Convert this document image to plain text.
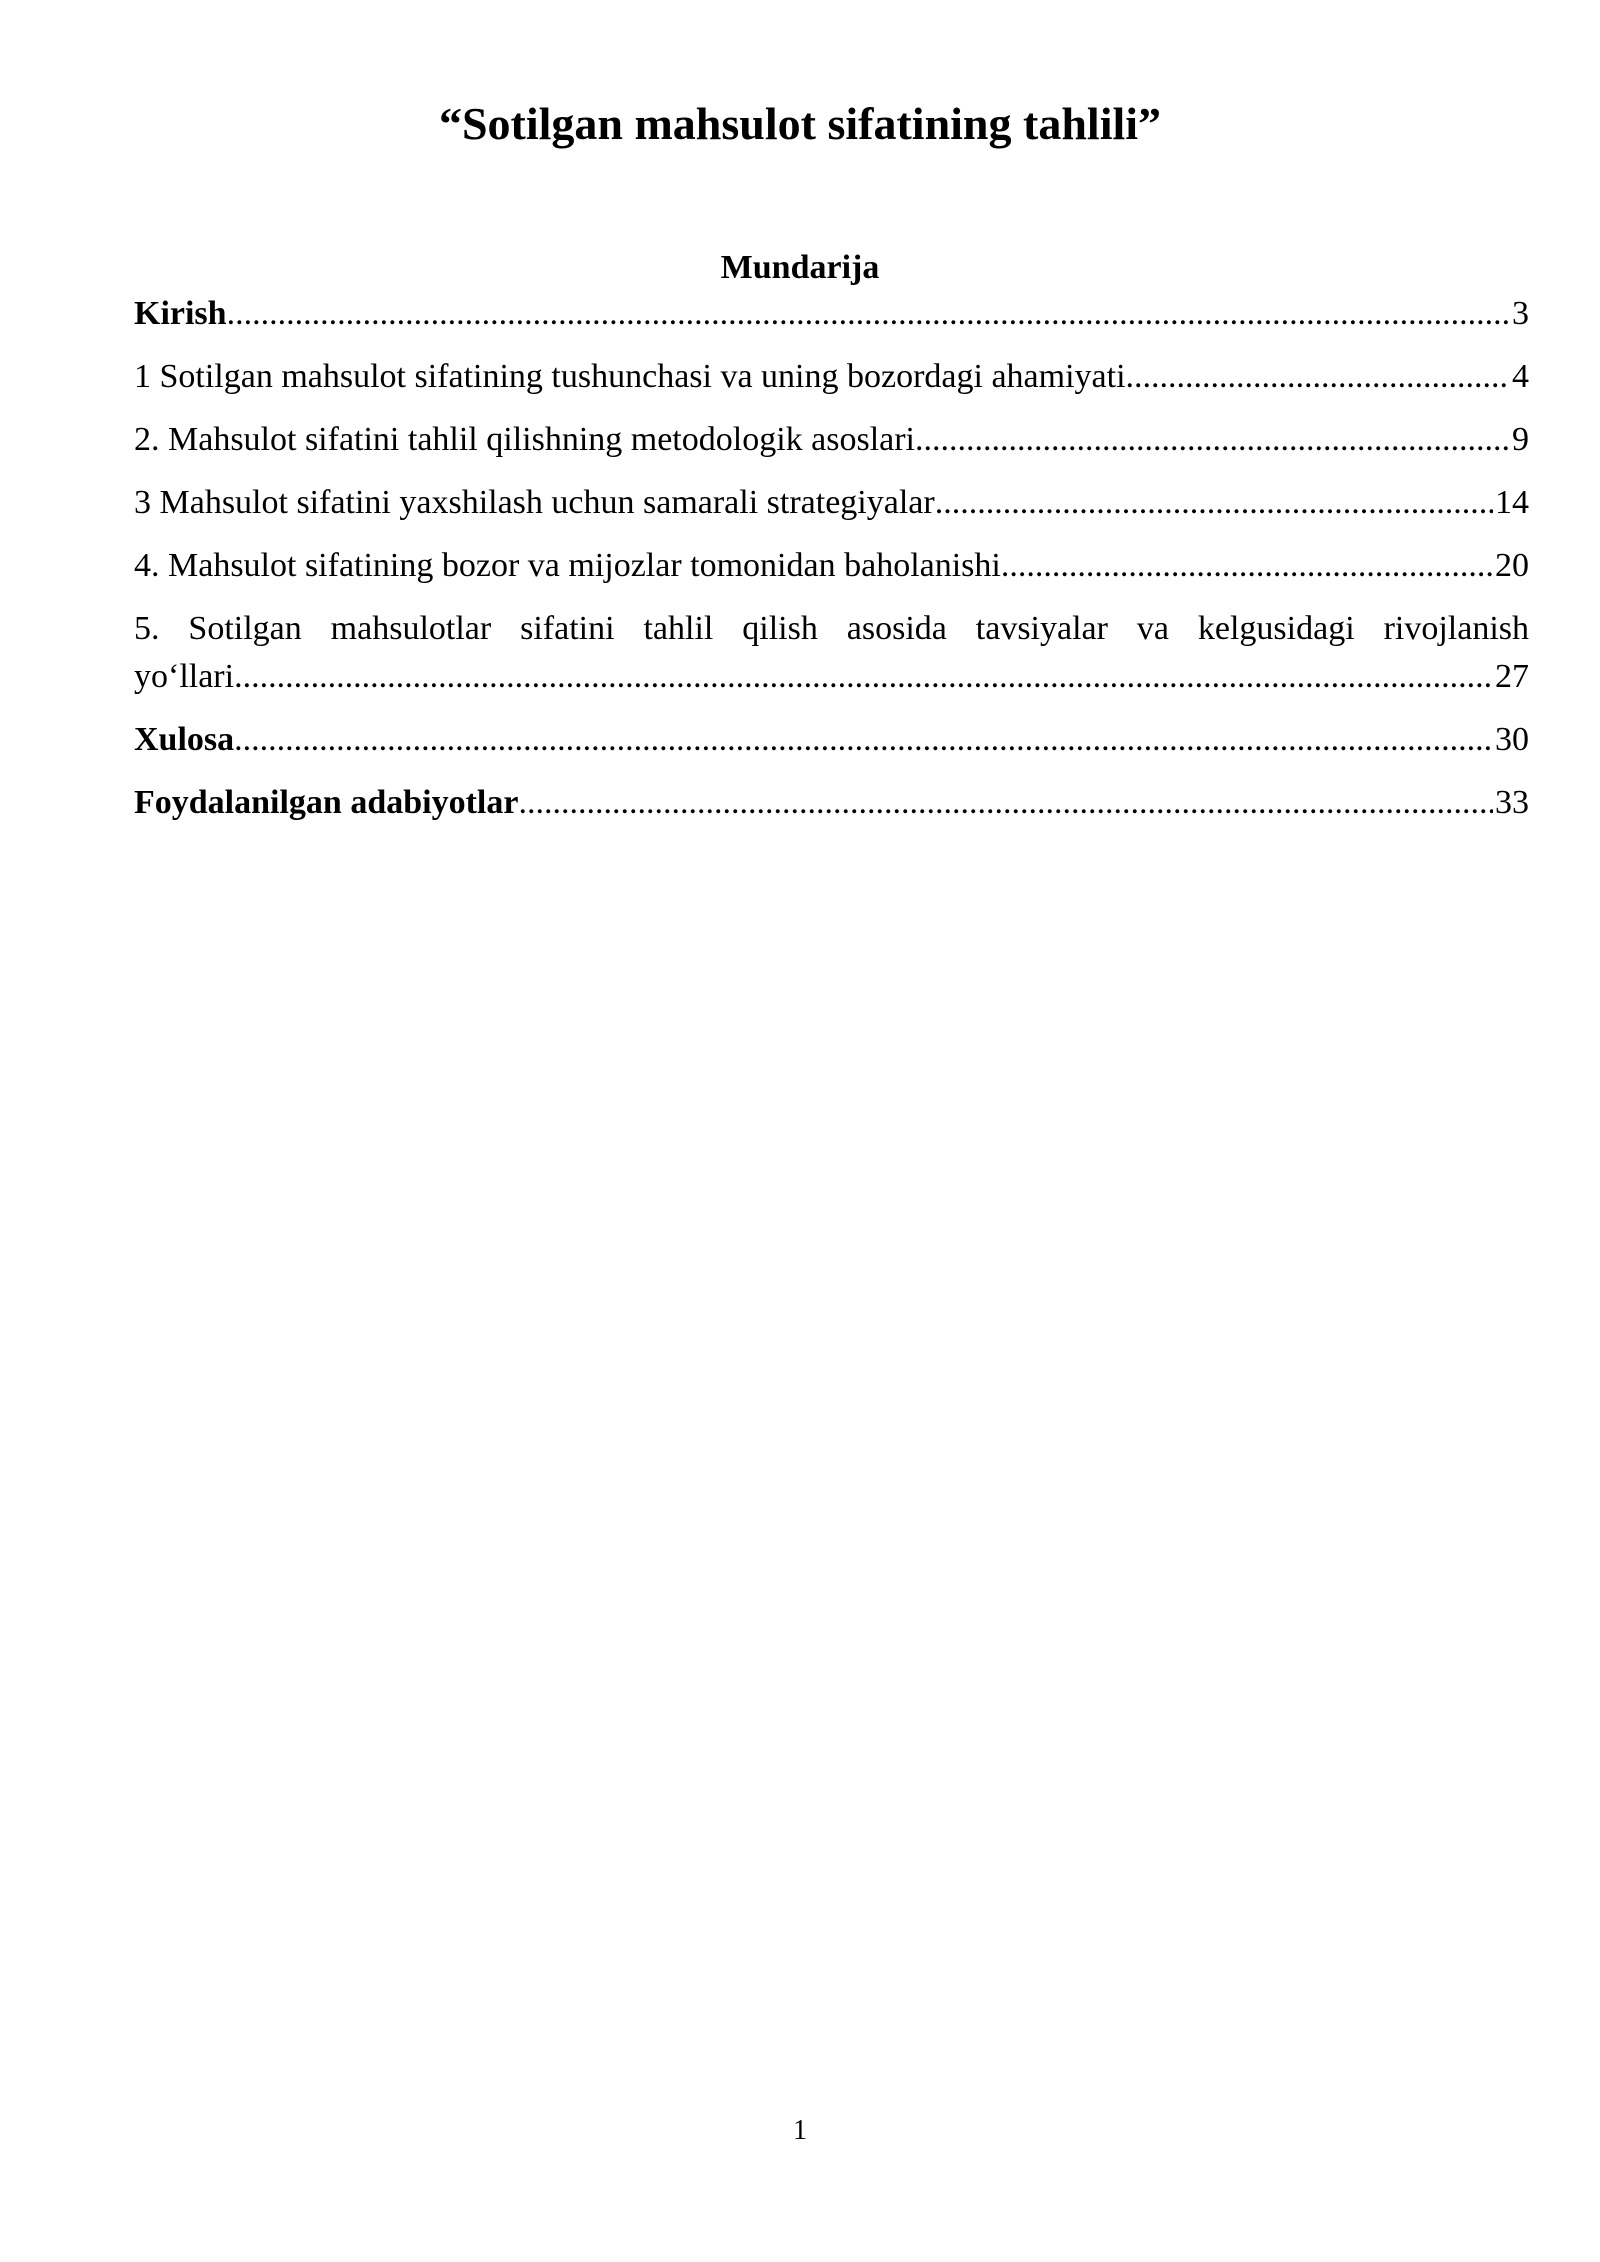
“Sotilgan mahsulot sifatining tahlili”
Mundarija
Kirish .....	3
1 Sotilgan mahsulot sifatining tushunchasi va uning bozordagi ahamiyati .....	4
2. Mahsulot sifatini tahlil qilishning metodologik asoslari .....	9
3 Mahsulot sifatini yaxshilash uchun samarali strategiyalar .....	14
4. Mahsulot sifatining bozor va mijozlar tomonidan baholanishi .....	20
5. Sotilgan mahsulotlar sifatini tahlil qilish asosida tavsiyalar va kelgusidagi rivojlanish
yo‘llari .....	27
Xulosa .....	30
Foydalanilgan adabiyotlar .....	33
1
